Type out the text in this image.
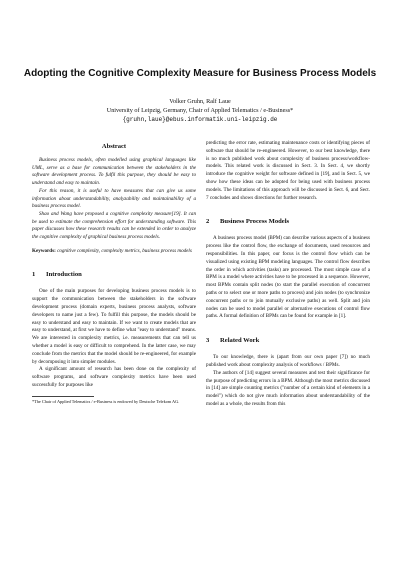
Adopting the Cognitive Complexity Measure for Business Process Models
Volker Gruhn, Ralf Laue
University of Leipzig, Germany, Chair of Applied Telematics / e-Business*
{gruhn,laue}@ebus.informatik.uni-leipzig.de
Abstract

Business process models, often modelled using graphical languages like UML, serve as a base for communication between the stakeholders in the software development process. To fulfil this purpose, they should be easy to understand and easy to maintain.

For this reason, it is useful to have measures that can give us some information about understandability, analyzability and maintainability of a business process model.

Shao and Wang have proposed a cognitive complexity measure[19]. It can be used to estimate the comprehension effort for understanding software. This paper discusses how these research results can be extended in order to analyze the cognitive complexity of graphical business process models.

Keywords: cognitive complexity, complexity metrics, business process models
1 Introduction

One of the main purposes for developing business process models is to support the communication between the stakeholders in the software development process (domain experts, business process analysts, software developers to name just a few). To fulfill this purpose, the models should be easy to understand and easy to maintain. If we want to create models that are easy to understand, at first we have to define what "easy to understand" means. We are interested in complexity metrics, i.e. measurements that can tell us whether a model is easy or difficult to comprehend. In the latter case, we may conclude from the metrics that the model should be re-engineered, for example by decomposing it into simpler modules.

A significant amount of research has been done on the complexity of software programs, and software complexity metrics have been used successfully for purposes like

*The Chair of Applied Telematics / e-Business is endowed by Deutsche Telekom AG.

predicting the error rate, estimating maintenance costs or identifying pieces of software that should be re-engineered. However, to our best knowledge, there is no much published work about complexity of business process/workflow-models. This related work is discussed in Sect. 3. In Sect. 4, we shortly introduce the cognitive weight for software defined in [19], and in Sect. 5, we show how these ideas can be adopted for being used with business process models. The limitations of this approach will be discussed in Sect. 6, and Sect. 7 concludes and shows directions for further research.

2 Business Process Models

A business process model (BPM) can describe various aspects of a business process like the control flow, the exchange of documents, used resources and responsibilities. In this paper, our focus is the control flow which can be visualized using existing BPM modeling languages. The control flow describes the order in which activities (tasks) are processed. The most simple case of a BPM is a model where activities have to be processed in a sequence. However, most BPMs contain split nodes (to start the parallel execution of concurrent paths or to select one or more paths to process) and join nodes (to synchronize concurrent paths or to join mutually exclusive paths) as well. Split and join nodes can be used to model parallel or alternative executions of control flow paths. A formal definition of BPMs can be found for example in [1].

3 Related Work

To our knowledge, there is (apart from our own paper [7]) no much published work about complexity analysis of workflows / BPMs.

The authors of [14] suggest several measures and test their significance for the purpose of predicting errors in a BPM. Although the most metrics discussed in [14] are simple counting metrics ("number of a certain kind of elements in a model") which do not give much information about understandability of the model as a whole, the results from this
